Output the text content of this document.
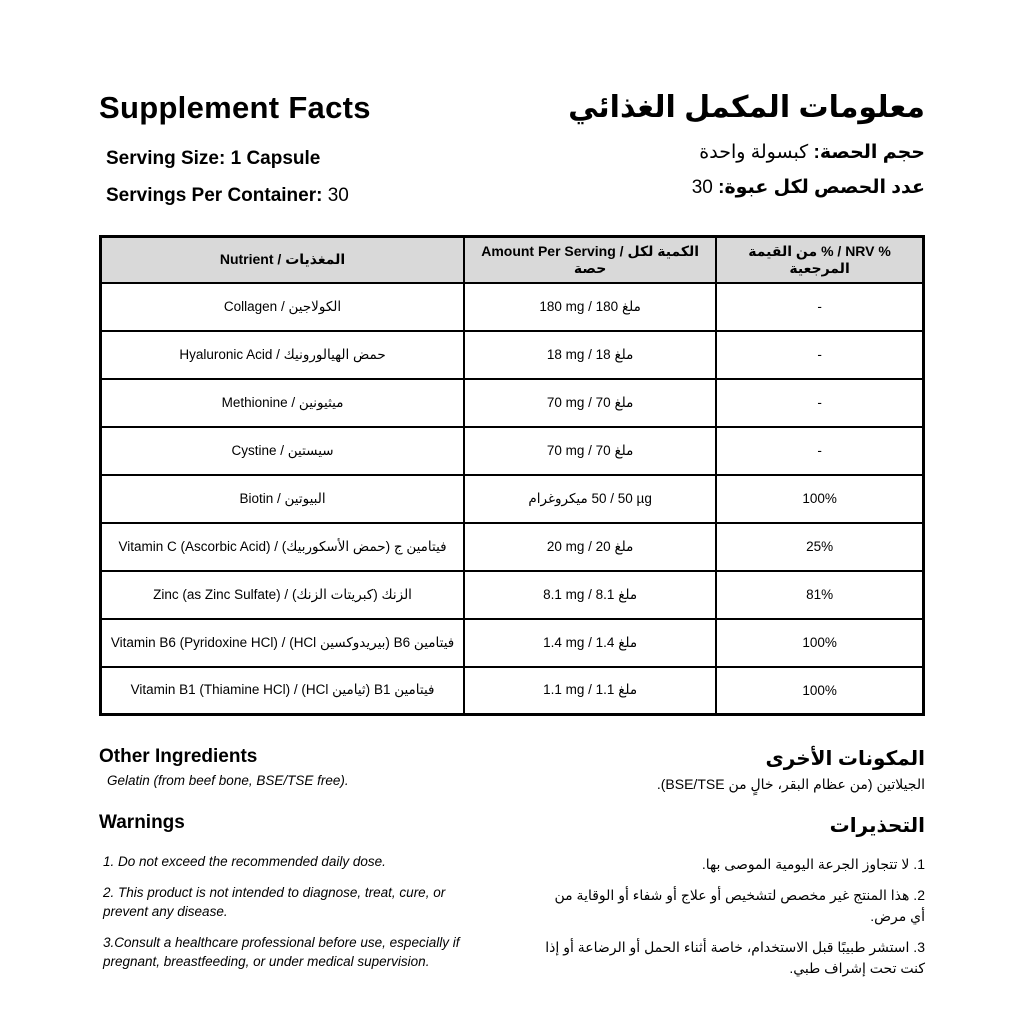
Supplement Facts
Serving Size: 1 Capsule
Servings Per Container: 30
معلومات المكمل الغذائي
حجم الحصة: كبسولة واحدة
عدد الحصص لكل عبوة: 30
Nutrient / المغذيات	Amount Per Serving / الكمية لكل حصة	% NRV / % من القيمة المرجعية
Collagen / الكولاجين	180 mg / 180 ملغ	-
Hyaluronic Acid / حمض الهيالورونيك	18 mg / 18 ملغ	-
Methionine / ميثيونين	70 mg / 70 ملغ	-
Cystine / سيستين	70 mg / 70 ملغ	-
Biotin / البيوتين	ميكروغرام 50 / 50 µg	100%
Vitamin C (Ascorbic Acid) / فيتامين ج (حمض الأسكوربيك)	20 mg / 20 ملغ	25%
Zinc (as Zinc Sulfate) / الزنك (كبريتات الزنك)	8.1 mg / 8.1 ملغ	81%
Vitamin B6 (Pyridoxine HCl) / فيتامين B6 (بيريدوكسين HCl)	1.4 mg / 1.4 ملغ	100%
Vitamin B1 (Thiamine HCl) / فيتامين B1 (ثيامين HCl)	1.1 mg / 1.1 ملغ	100%
Other Ingredients
Gelatin (from beef bone, BSE/TSE free).
Warnings
1. Do not exceed the recommended daily dose.
2. This product is not intended to diagnose, treat, cure, or prevent any disease.
3.Consult a healthcare professional before use, especially if pregnant, breastfeeding, or under medical supervision.
المكونات الأخرى
الجيلاتين (من عظام البقر، خالٍ من BSE/TSE).
التحذيرات
1. لا تتجاوز الجرعة اليومية الموصى بها.
2. هذا المنتج غير مخصص لتشخيص أو علاج أو شفاء أو الوقاية من أي مرض.
3. استشر طبيبًا قبل الاستخدام، خاصة أثناء الحمل أو الرضاعة أو إذا كنت تحت إشراف طبي.
